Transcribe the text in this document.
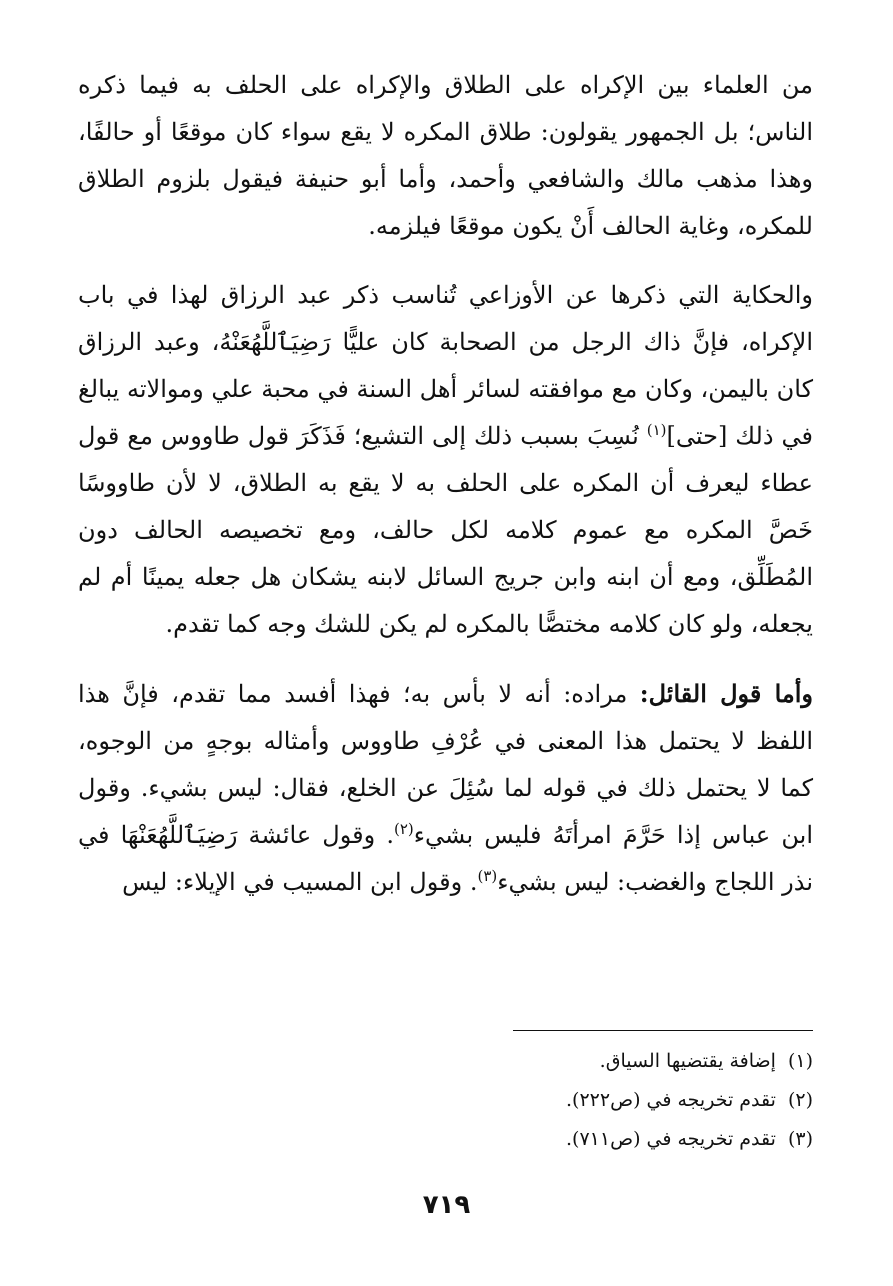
من العلماء بين الإكراه على الطلاق والإكراه على الحلف به فيما ذكره الناس؛ بل الجمهور يقولون: طلاق المكره لا يقع سواء كان موقعًا أو حالفًا، وهذا مذهب مالك والشافعي وأحمد، وأما أبو حنيفة فيقول بلزوم الطلاق للمكره، وغاية الحالف أَنْ يكون موقعًا فيلزمه.

والحكاية التي ذكرها عن الأوزاعي تُناسب ذكر عبد الرزاق لهذا في باب الإكراه، فإنَّ ذاك الرجل من الصحابة كان عليًّا رَضِيَٱللَّهُعَنْهُ، وعبد الرزاق كان باليمن، وكان مع موافقته لسائر أهل السنة في محبة علي وموالاته يبالغ في ذلك [حتى]$^{(١)}$ نُسِبَ بسبب ذلك إلى التشيع؛ فَذَكَرَ قول طاووس مع قول عطاء ليعرف أن المكره على الحلف به لا يقع به الطلاق، لا لأن طاووسًا خَصَّ المكره مع عموم كلامه لكل حالف، ومع تخصيصه الحالف دون المُطَلِّق، ومع أن ابنه وابن جريج السائل لابنه يشكان هل جعله يمينًا أم لم يجعله، ولو كان كلامه مختصًّا بالمكره لم يكن للشك وجه كما تقدم.

وأما قول القائل: مراده: أنه لا بأس به؛ فهذا أفسد مما تقدم، فإنَّ هذا اللفظ لا يحتمل هذا المعنى في عُرْفِ طاووس وأمثاله بوجهٍ من الوجوه، كما لا يحتمل ذلك في قوله لما سُئِلَ عن الخلع، فقال: ليس بشيء. وقول ابن عباس إذا حَرَّمَ امرأتَهُ فليس بشيء$^{(٢)}$. وقول عائشة رَضِيَٱللَّهُعَنْهَا في نذر اللجاج والغضب: ليس بشيء$^{(٣)}$. وقول ابن المسيب في الإيلاء: ليس

(١)إضافة يقتضيها السياق.
(٢)تقدم تخريجه في (ص٢٢٢).
(٣)تقدم تخريجه في (ص٧١١).
٧١٩
